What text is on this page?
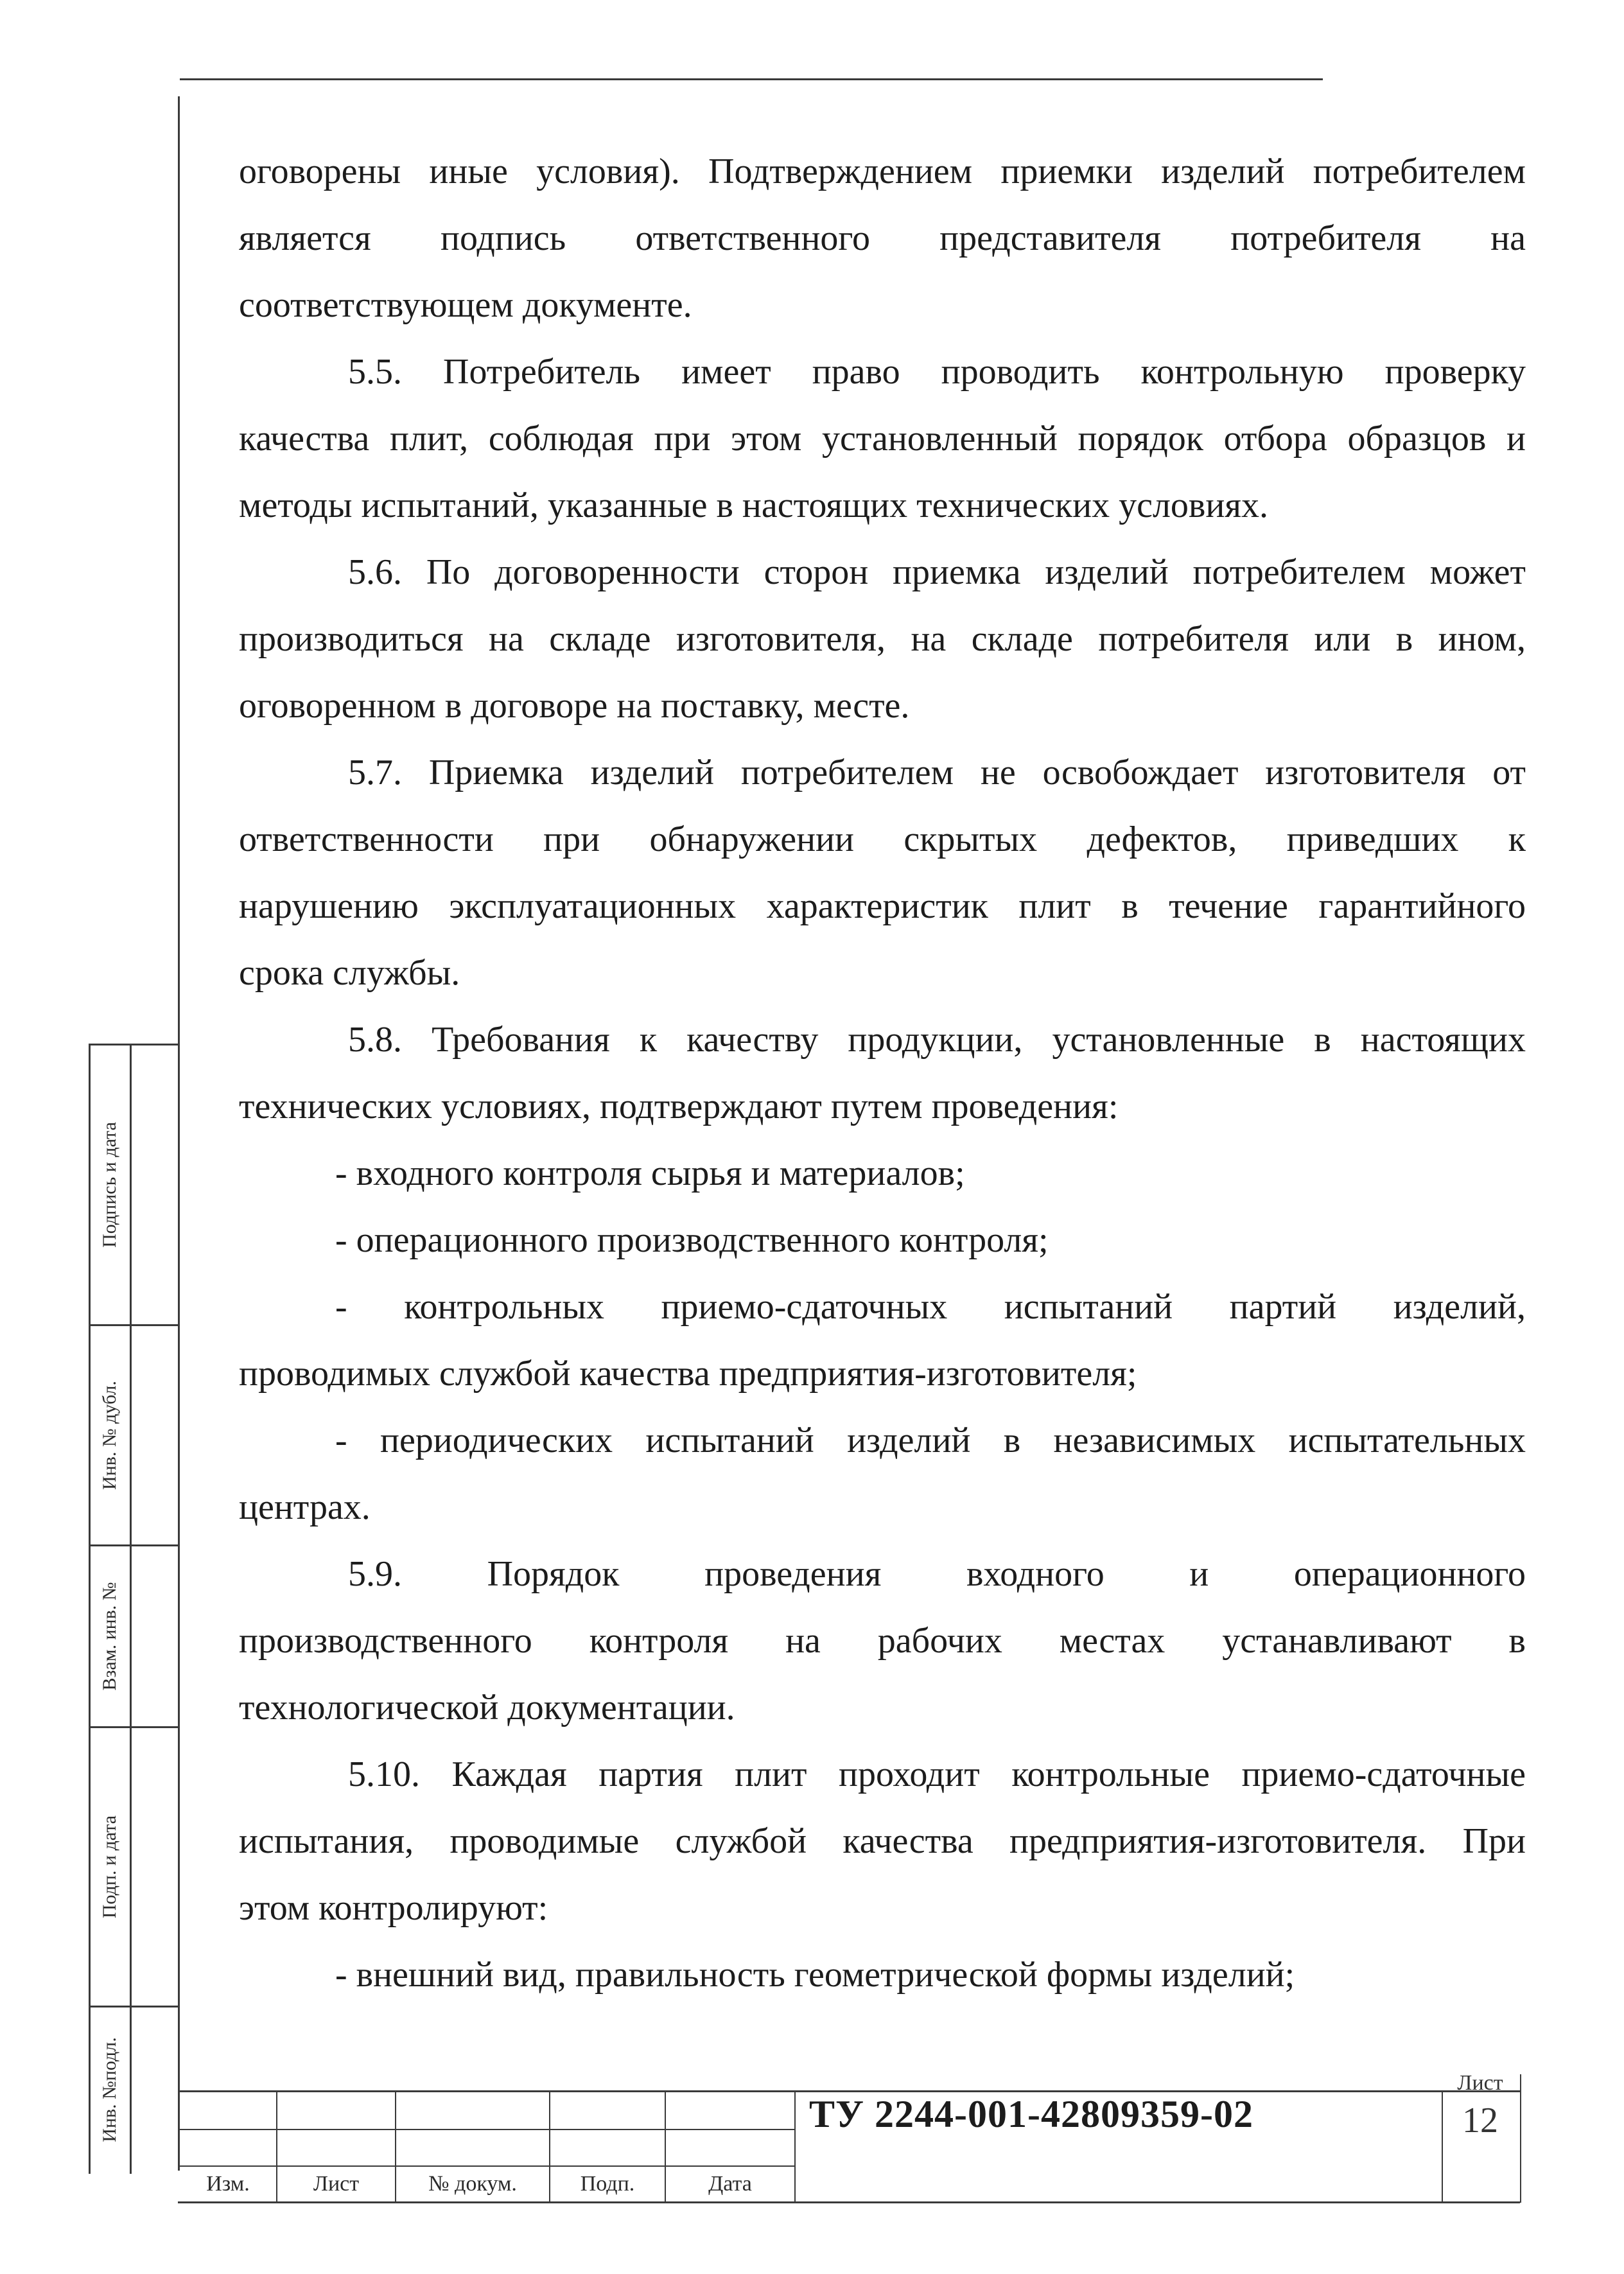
оговорены иные условия). Подтверждением приемки изделий потребителем
является подпись ответственного представителя потребителя на
соответствующем документе.
5.5. Потребитель имеет право проводить контрольную проверку
качества плит, соблюдая при этом установленный порядок отбора образцов и
методы испытаний, указанные в настоящих технических условиях.
5.6. По договоренности сторон приемка изделий потребителем может
производиться на складе изготовителя, на складе потребителя или в ином,
оговоренном в договоре на поставку, месте.
5.7. Приемка изделий потребителем не освобождает изготовителя от
ответственности при обнаружении скрытых дефектов, приведших к
нарушению эксплуатационных характеристик плит в течение гарантийного
срока службы.
5.8. Требования к качеству продукции, установленные в настоящих
технических условиях, подтверждают путем проведения:
- входного контроля сырья и материалов;
- операционного производственного контроля;
- контрольных приемо-сдаточных испытаний партий изделий,
проводимых службой качества предприятия-изготовителя;
- периодических испытаний изделий в независимых испытательных
центрах.
5.9. Порядок проведения входного и операционного
производственного контроля на рабочих местах устанавливают в
технологической документации.
5.10. Каждая партия плит проходит контрольные приемо-сдаточные
испытания, проводимые службой качества предприятия-изготовителя. При
этом контролируют:
- внешний вид, правильность геометрической формы изделий;
Подпись и дата
Инв. № дубл.
Взам. инв. №
Подп. и дата
Инв. №подл.
Изм.	Лист	№ докум.	Подп.	Дата
ТУ 2244-001-42809359-02
Лист
12
